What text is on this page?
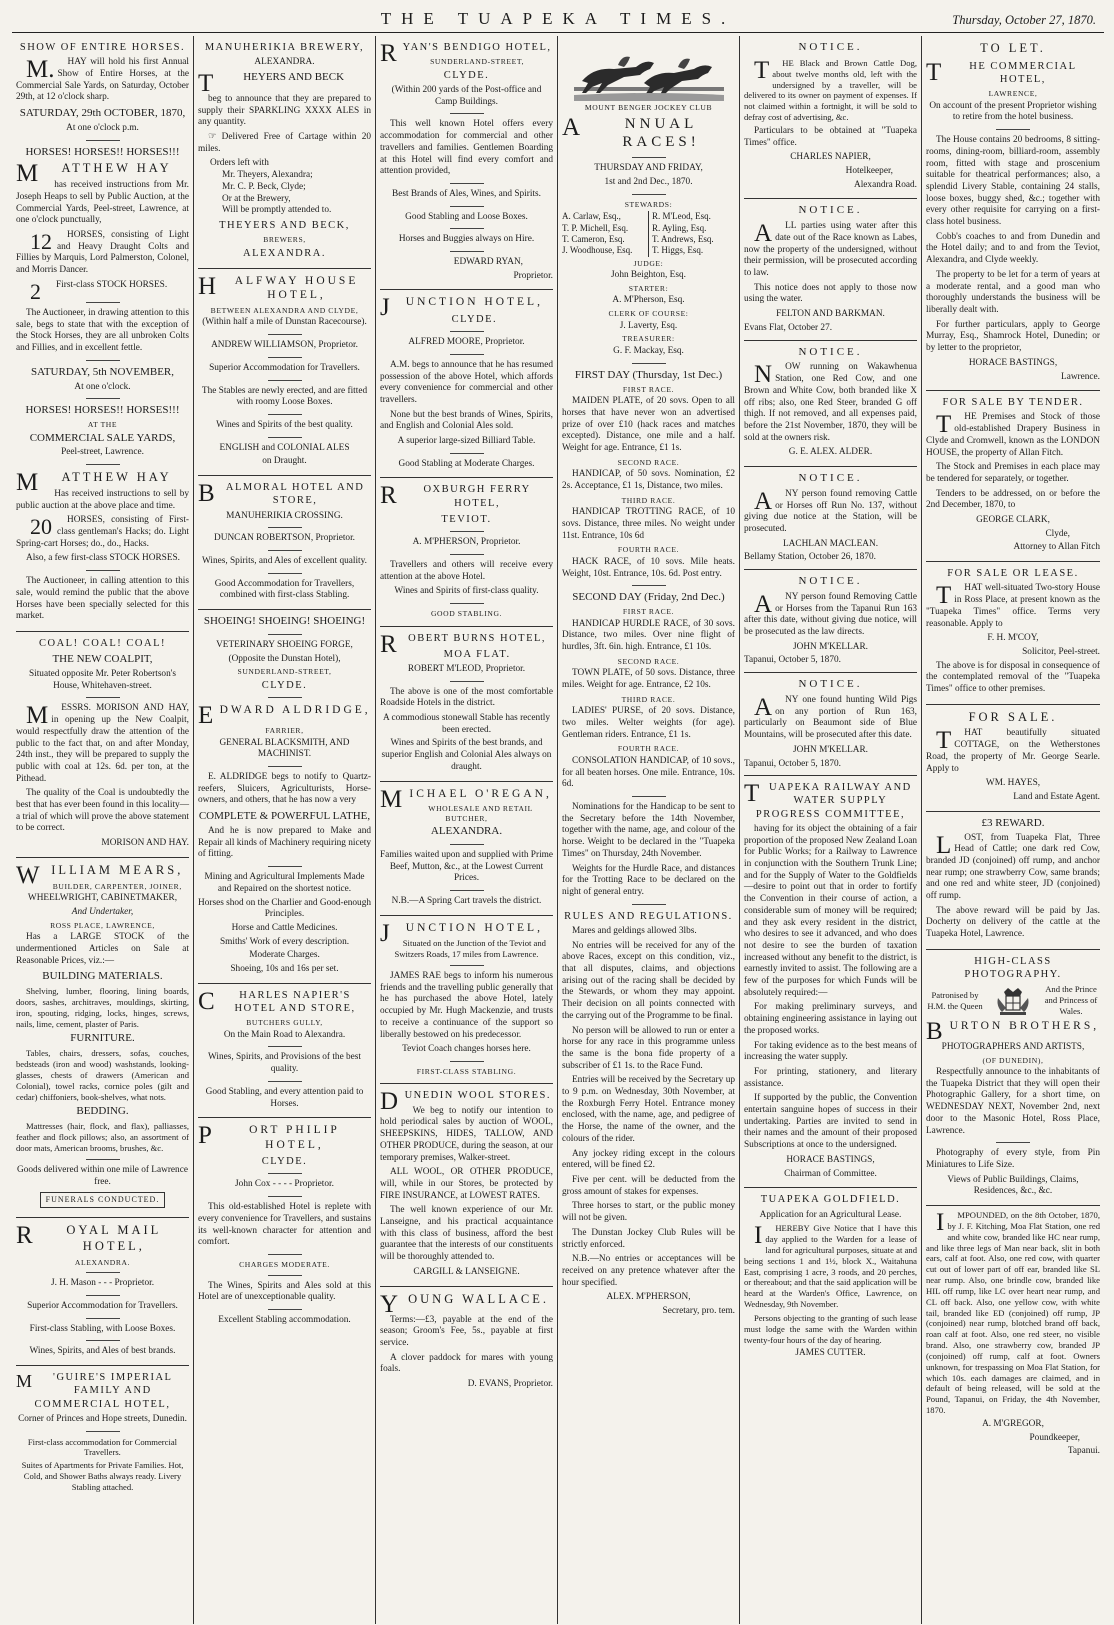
THE TUAPEKA TIMES.	Thursday, October 27, 1870.
SHOW OF ENTIRE HORSES.

M. HAY will hold his first Annual Show of Entire Horses, at the Commercial Sale Yards, on Saturday, October 29th, at 12 o'clock sharp.

SATURDAY, 29th OCTOBER, 1870,
At one o'clock p.m.
HORSES! HORSES!! HORSES!!!
M ATTHEW HAY

has received instructions from Mr. Joseph Heaps to sell by Public Auction, at the Commercial Yards, Peel-street, Lawrence, at one o'clock punctually,

12 HORSES, consisting of Light and Heavy Draught Colts and Fillies by Marquis, Lord Palmerston, Colonel, and Morris Dancer.

2 First-class STOCK HORSES.

The Auctioneer, in drawing attention to this sale, begs to state that with the exception of the Stock Horses, they are all unbroken Colts and Fillies, and in excellent fettle.

SATURDAY, 5th NOVEMBER,
At one o'clock.
HORSES! HORSES!! HORSES!!!
AT THE
COMMERCIAL SALE YARDS,
Peel-street, Lawrence.
M ATTHEW HAY

Has received instructions to sell by public auction at the above place and time.

20 HORSES, consisting of First-class gentleman's Hacks; do. Light Spring-cart Horses; do., do., Hacks.

Also, a few first-class STOCK HORSES.

The Auctioneer, in calling attention to this sale, would remind the public that the above Horses have been specially selected for this market.

COAL! COAL! COAL!
THE NEW COALPIT,
Situated opposite Mr. Peter Robertson's House, Whitehaven-street.

M ESSRS. MORISON AND HAY, in opening up the New Coalpit, would respectfully draw the attention of the public to the fact that, on and after Monday, 24th inst., they will be prepared to supply the public with coal at 12s. 6d. per ton, at the Pithead.

The quality of the Coal is undoubtedly the best that has ever been found in this locality—a trial of which will prove the above statement to be correct.

MORISON AND HAY.
WILLIAM MEARS,
BUILDER, CARPENTER, JOINER,
WHEELWRIGHT, CABINETMAKER,
And Undertaker,
ROSS PLACE, LAWRENCE,

Has a LARGE STOCK of the undermentioned Articles on Sale at Reasonable Prices, viz.:—

BUILDING MATERIALS.

Shelving, lumber, flooring, lining boards, doors, sashes, architraves, mouldings, skirting, iron, spouting, ridging, locks, hinges, screws, nails, lime, cement, plaster of Paris.

FURNITURE.

Tables, chairs, dressers, sofas, couches, bedsteads (iron and wood) washstands, looking-glasses, chests of drawers (American and Colonial), towel racks, cornice poles (gilt and cedar) chiffoniers, book-shelves, what nots.

BEDDING.

Mattresses (hair, flock, and flax), palliasses, feather and flock pillows; also, an assortment of door mats, American brooms, brushes, &c.

Goods delivered within one mile of Lawrence free.
FUNERALS CONDUCTED.
R OYAL MAIL HOTEL,
ALEXANDRA.
J. H. Mason - - - Proprietor.
Superior Accommodation for Travellers.
First-class Stabling, with Loose Boxes.
Wines, Spirits, and Ales of best brands.
M 'GUIRE'S IMPERIAL FAMILY AND COMMERCIAL HOTEL,
Corner of Princes and Hope streets, Dunedin.
First-class accommodation for Commercial Travellers.
Suites of Apartments for Private Families. Hot, Cold, and Shower Baths always ready. Livery Stabling attached.
MANUHERIKIA BREWERY,
ALEXANDRA.
T	HEYERS AND BECK

beg to announce that they are prepared to supply their SPARKLING XXXX ALES in any quantity.

☞ Delivered Free of Cartage within 20 miles.

Orders left with
Mr. Theyers, Alexandra;
Mr. C. P. Beck, Clyde;
Or at the Brewery,
Will be promptly attended to.
THEYERS AND BECK,
BREWERS,
ALEXANDRA.
H ALFWAY HOUSE HOTEL,
BETWEEN ALEXANDRA AND CLYDE,
(Within half a mile of Dunstan Racecourse).
ANDREW WILLIAMSON, Proprietor.
Superior Accommodation for Travellers.
The Stables are newly erected, and are fitted with roomy Loose Boxes.
Wines and Spirits of the best quality.
ENGLISH and COLONIAL ALES
on Draught.
BALMORAL HOTEL AND STORE,
MANUHERIKIA CROSSING.
DUNCAN ROBERTSON, Proprietor.
Wines, Spirits, and Ales of excellent quality.
Good Accommodation for Travellers, combined with first-class Stabling.
SHOEING! SHOEING! SHOEING!
VETERINARY SHOEING FORGE,
(Opposite the Dunstan Hotel),
SUNDERLAND-STREET,
CLYDE.
EDWARD ALDRIDGE,
FARRIER,
GENERAL BLACKSMITH, AND MACHINIST.

E. ALDRIDGE begs to notify to Quartz-reefers, Sluicers, Agriculturists, Horse-owners, and others, that he has now a very

COMPLETE & POWERFUL LATHE,

And he is now prepared to Make and Repair all kinds of Machinery requiring nicety of fitting.

Mining and Agricultural Implements Made and Repaired on the shortest notice.
Horses shod on the Charlier and Good-enough Principles.
Horse and Cattle Medicines.
Smiths' Work of every description.
Moderate Charges.
Shoeing, 10s and 16s per set.
C HARLES NAPIER'S HOTEL AND STORE,
BUTCHERS GULLY,
On the Main Road to Alexandra.
Wines, Spirits, and Provisions of the best quality.
Good Stabling, and every attention paid to Horses.
P	ORT PHILIP HOTEL,
CLYDE.
John Cox - - - - Proprietor.

This old-established Hotel is replete with every convenience for Travellers, and sustains its well-known character for attention and comfort.

CHARGES MODERATE.

The Wines, Spirits and Ales sold at this Hotel are of unexceptionable quality.

Excellent Stabling accommodation.
RYAN'S BENDIGO HOTEL,
SUNDERLAND-STREET,
CLYDE.
(Within 200 yards of the Post-office and Camp Buildings.

This well known Hotel offers every accommodation for commercial and other travellers and families. Gentlemen Boarding at this Hotel will find every comfort and attention provided,

Best Brands of Ales, Wines, and Spirits.
Good Stabling and Loose Boxes.
Horses and Buggies always on Hire.
EDWARD RYAN,
Proprietor.
J UNCTION HOTEL,
CLYDE.
ALFRED MOORE, Proprietor.

A.M. begs to announce that he has resumed possession of the above Hotel, which affords every convenience for commercial and other travellers.

None but the best brands of Wines, Spirits, and English and Colonial Ales sold.

A superior large-sized Billiard Table.
Good Stabling at Moderate Charges.
R OXBURGH FERRY HOTEL,
TEVIOT.
A. M'PHERSON, Proprietor.

Travellers and others will receive every attention at the above Hotel.

Wines and Spirits of first-class quality.
GOOD STABLING.
ROBERT BURNS HOTEL,
MOA FLAT.
ROBERT M'LEOD, Proprietor.

The above is one of the most comfortable Roadside Hotels in the district.

A commodious stonewall Stable has recently been erected.
Wines and Spirits of the best brands, and superior English and Colonial Ales always on draught.
MICHAEL O'REGAN,
WHOLESALE AND RETAIL BUTCHER,
ALEXANDRA.
Families waited upon and supplied with Prime Beef, Mutton, &c., at the Lowest Current Prices.
N.B.—A Spring Cart travels the district.
J UNCTION HOTEL,
Situated on the Junction of the Teviot and Switzers Roads, 17 miles from Lawrence.

JAMES RAE begs to inform his numerous friends and the travelling public generally that he has purchased the above Hotel, lately occupied by Mr. Hugh Mackenzie, and trusts to receive a continuance of the support so liberally bestowed on his predecessor.

Teviot Coach changes horses here.
FIRST-CLASS STABLING.
DUNEDIN WOOL STORES.

We beg to notify our intention to hold periodical sales by auction of WOOL, SHEEPSKINS, HIDES, TALLOW, AND OTHER PRODUCE, during the season, at our temporary premises, Walker-street.

ALL WOOL, OR OTHER PRODUCE, will, while in our Stores, be protected by FIRE INSURANCE, at LOWEST RATES.

The well known experience of our Mr. Lanseigne, and his practical acquaintance with this class of business, afford the best guarantee that the interests of our constituents will be thoroughly attended to.

CARGILL & LANSEIGNE.
YOUNG WALLACE.

Terms:—£3, payable at the end of the season; Groom's Fee, 5s., payable at first service.

A clover paddock for mares with young foals.

D. EVANS, Proprietor.
MOUNT BENGER JOCKEY CLUB
A	NNUAL RACES!
THURSDAY AND FRIDAY,
1st and 2nd Dec., 1870.
STEWARDS:
A. Carlaw, Esq.,
T. P. Michell, Esq.
T. Cameron, Esq.
J. Woodhouse, Esq.
R. M'Leod, Esq.
R. Ayling, Esq.
T. Andrews, Esq.
T. Higgs, Esq.
JUDGE:
John Beighton, Esq.
STARTER:
A. M'Pherson, Esq.
CLERK OF COURSE:
J. Laverty, Esq.
TREASURER:
G. F. Mackay, Esq.
FIRST DAY (Thursday, 1st Dec.)
FIRST RACE.

MAIDEN PLATE, of 20 sovs. Open to all horses that have never won an advertised prize of over £10 (hack races and matches excepted). Distance, one mile and a half. Weight for age. Entrance, £1 1s.

SECOND RACE.

HANDICAP, of 50 sovs. Nomination, £2 2s. Acceptance, £1 1s, Distance, two miles.

THIRD RACE.

HANDICAP TROTTING RACE, of 10 sovs. Distance, three miles. No weight under 11st. Entrance, 10s 6d

FOURTH RACE.

HACK RACE, of 10 sovs. Mile heats. Weight, 10st. Entrance, 10s. 6d. Post entry.

SECOND DAY (Friday, 2nd Dec.)
FIRST RACE.

HANDICAP HURDLE RACE, of 30 sovs. Distance, two miles. Over nine flight of hurdles, 3ft. 6in. high. Entrance, £1 10s.

SECOND RACE.

TOWN PLATE, of 50 sovs. Distance, three miles. Weight for age. Entrance, £2 10s.

THIRD RACE.

LADIES' PURSE, of 20 sovs. Distance, two miles. Welter weights (for age). Gentleman riders. Entrance, £1 1s.

FOURTH RACE.

CONSOLATION HANDICAP, of 10 sovs., for all beaten horses. One mile. Entrance, 10s. 6d.

Nominations for the Handicap to be sent to the Secretary before the 14th November, together with the name, age, and colour of the horse. Weight to be declared in the "Tuapeka Times" on Thursday, 24th November.

Weights for the Hurdle Race, and distances for the Trotting Race to be declared on the night of general entry.

RULES AND REGULATIONS.

Mares and geldings allowed 3lbs.

No entries will be received for any of the above Races, except on this condition, viz., that all disputes, claims, and objections arising out of the racing shall be decided by the Stewards, or whom they may appoint. Their decision on all points connected with the carrying out of the Programme to be final.

No person will be allowed to run or enter a horse for any race in this programme unless the same is the bona fide property of a subscriber of £1 1s. to the Race Fund.

Entries will be received by the Secretary up to 9 p.m. on Wednesday, 30th November, at the Roxburgh Ferry Hotel. Entrance money enclosed, with the name, age, and pedigree of the Horse, the name of the owner, and the colours of the rider.

Any jockey riding except in the colours entered, will be fined £2.

Five per cent. will be deducted from the gross amount of stakes for expenses.

Three horses to start, or the public money will not be given.

The Dunstan Jockey Club Rules will be strictly enforced.

N.B.—No entries or acceptances will be received on any pretence whatever after the hour specified.

ALEX. M'PHERSON,
Secretary, pro. tem.
NOTICE.

T HE Black and Brown Cattle Dog, about twelve months old, left with the undersigned by a traveller, will be delivered to its owner on payment of expenses. If not claimed within a fortnight, it will be sold to defray cost of advertising, &c.

Particulars to be obtained at "Tuapeka Times" office.

CHARLES NAPIER,
Hotelkeeper,
Alexandra Road.
NOTICE.

A LL parties using water after this date out of the Race known as Labes, now the property of the undersigned, without their permission, will be prosecuted according to law.

This notice does not apply to those now using the water.

FELTON AND BARKMAN.
Evans Flat, October 27.
NOTICE.

N OW running on Wakawhenua Station, one Red Cow, and one Brown and White Cow, both branded like X off ribs; also, one Red Steer, branded G off thigh. If not removed, and all expenses paid, before the 21st November, 1870, they will be sold at the owners risk.

G. E. ALEX. ALDER.
NOTICE.

A NY person found removing Cattle or Horses off Run No. 137, without giving due notice at the Station, will be prosecuted.

LACHLAN MACLEAN.
Bellamy Station, October 26, 1870.
NOTICE.

A NY person found Removing Cattle or Horses from the Tapanui Run 163 after this date, without giving due notice, will be prosecuted as the law directs.

JOHN M'KELLAR.
Tapanui, October 5, 1870.
NOTICE.

A NY one found hunting Wild Pigs on any portion of Run 163, particularly on Beaumont side of Blue Mountains, will be prosecuted after this date.

JOHN M'KELLAR.
Tapanui, October 5, 1870.
TUAPEKA RAILWAY AND WATER SUPPLY PROGRESS COMMITTEE,

having for its object the obtaining of a fair proportion of the proposed New Zealand Loan for Public Works; for a Railway to Lawrence in conjunction with the Southern Trunk Line; and for the Supply of Water to the Goldfields—desire to point out that in order to fortify the Convention in their course of action, a considerable sum of money will be required; and they ask every resident in the district, who desires to see it advanced, and who does not desire to see the burden of taxation increased without any benefit to the district, is earnestly invited to assist. The following are a few of the purposes for which Funds will be absolutely required:—

For making preliminary surveys, and obtaining engineering assistance in laying out the proposed works.

For taking evidence as to the best means of increasing the water supply.

For printing, stationery, and literary assistance.

If supported by the public, the Convention entertain sanguine hopes of success in their undertaking. Parties are invited to send in their names and the amount of their proposed Subscriptions at once to the undersigned.

HORACE BASTINGS,
Chairman of Committee.
TUAPEKA GOLDFIELD.
Application for an Agricultural Lease.

I HEREBY Give Notice that I have this day applied to the Warden for a lease of land for agricultural purposes, situate at and being sections 1 and 1½, block X., Waitahuna East, comprising 1 acre, 3 roods, and 20 perches, or thereabout; and that the said application will be heard at the Warden's Office, Lawrence, on Wednesday, 9th November.

Persons objecting to the granting of such lease must lodge the same with the Warden within twenty-four hours of the day of hearing.

JAMES CUTTER.
TO LET.
T	HE COMMERCIAL HOTEL,
LAWRENCE,
On account of the present Proprietor wishing to retire from the hotel business.

The House contains 20 bedrooms, 8 sitting-rooms, dining-room, billiard-room, assembly room, fitted with stage and proscenium suitable for theatrical performances; also, a splendid Livery Stable, containing 24 stalls, loose boxes, buggy shed, &c.; together with every other requisite for carrying on a first-class hotel business.

Cobb's coaches to and from Dunedin and the Hotel daily; and to and from the Teviot, Alexandra, and Clyde weekly.

The property to be let for a term of years at a moderate rental, and a good man who thoroughly understands the business will be liberally dealt with.

For further particulars, apply to George Murray, Esq., Shamrock Hotel, Dunedin; or by letter to the proprietor,

HORACE BASTINGS,
Lawrence.
FOR SALE BY TENDER.

T HE Premises and Stock of those old-established Drapery Business in Clyde and Cromwell, known as the LONDON HOUSE, the property of Allan Fitch.

The Stock and Premises in each place may be tendered for separately, or together.

Tenders to be addressed, on or before the 2nd December, 1870, to

GEORGE CLARK,
Clyde,
Attorney to Allan Fitch
FOR SALE OR LEASE.

T HAT well-situated Two-story House in Ross Place, at present known as the "Tuapeka Times" office. Terms very reasonable. Apply to

F. H. M'COY,
Solicitor, Peel-street.

The above is for disposal in consequence of the contemplated removal of the "Tuapeka Times" office to other premises.

FOR SALE.

T HAT beautifully situated COTTAGE, on the Wetherstones Road, the property of Mr. George Searle. Apply to

WM. HAYES,
Land and Estate Agent.
£3 REWARD.

L OST, from Tuapeka Flat, Three Head of Cattle; one dark red Cow, branded JD (conjoined) off rump, and anchor near rump; one strawberry Cow, same brands; and one red and white steer, JD (conjoined) off rump.

The above reward will be paid by Jas. Docherty on delivery of the cattle at the Tuapeka Hotel, Lawrence.

HIGH-CLASS PHOTOGRAPHY.
Patronised by H.M. the Queen
And the Prince and Princess of Wales.
BURTON BROTHERS,
PHOTOGRAPHERS AND ARTISTS,
(OF DUNEDIN),

Respectfully announce to the inhabitants of the Tuapeka District that they will open their Photographic Gallery, for a short time, on WEDNESDAY NEXT, November 2nd, next door to the Masonic Hotel, Ross Place, Lawrence.

Photography of every style, from Pin Miniatures to Life Size.

Views of Public Buildings, Claims, Residences, &c., &c.

I MPOUNDED, on the 8th October, 1870, by J. F. Kitching, Moa Flat Station, one red and white cow, branded like HC near rump, and like three legs of Man near back, slit in both ears, calf at foot. Also, one red cow, with quarter cut out of lower part of off ear, branded like SL near rump. Also, one brindle cow, branded like HIL off rump, like LC over heart near rump, and CL off back. Also, one yellow cow, with white tail, branded like ED (conjoined) off rump, JP (conjoined) near rump, blotched brand off back, roan calf at foot. Also, one red steer, no visible brand. Also, one strawberry cow, branded JP (conjoined) off rump, calf at foot. Owners unknown, for trespassing on Moa Flat Station, for which 10s. each damages are claimed, and in default of being released, will be sold at the Pound, Tapanui, on Friday, the 4th November, 1870.

A. M'GREGOR,
Poundkeeper,
Tapanui.
